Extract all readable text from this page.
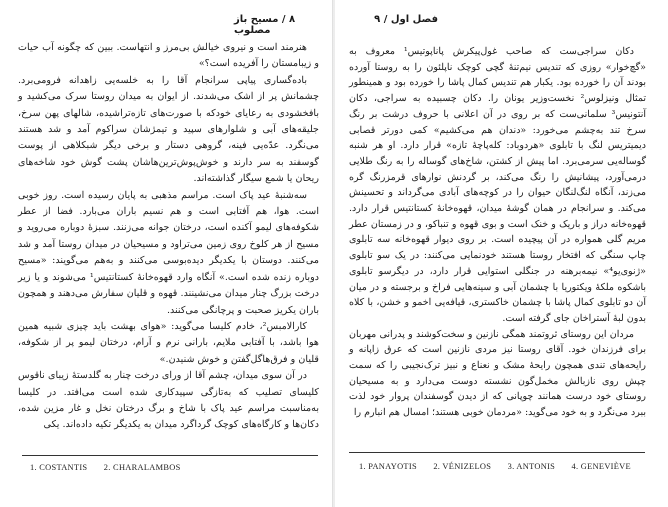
۸ / مسیح باز مصلوب

هنرمند است و نیروی خیالش بی‌مرز و انتهاست. ببین که چگونه آب حیات و زیبا‌مستان را آفریده است؟»

باده‌گساری پیاپی سرانجام آقا را به خلسه‌یی زاهدانه فرومی‌برد. چشمانش پر از اشک می‌شدند. از ایوان به میدان روستا سرک می‌کشید و بافخشودی به رعایای خودکه با صورت‌های تازه‌تراشیده، شالهای پهن سرخ، جلیقه‌های آبی و شلوارهای سپید و تیمژشان سراکوم آمد و شد هستند می‌نگرد. عدّه‌یی فینه، گروهی دستار و برخی دیگر شبکلاهی از پوست گوسفند به سر دارند و خوش‌پوش‌ترین‌هاشان پشت گوش خود شاخه‌های ریحان یا شمع سیگار گذاشته‌اند.

سه‌شنبهٔ عید پاک است. مراسم مذهبی به پایان رسیده است. روز خوبی است. هوا، هم آفتابی است و هم نسیم باران می‌بارد. فضا از عطر شکوفه‌های لیمو آکنده است، درختان جوانه می‌زنند. سبزهٔ دوباره می‌روید و مسیح از هر کلوخ روی زمین می‌تراود و مسیحیان در میدان روستا آمد و شد می‌کنند. دوستان با یکدیگر دیده‌بوسی می‌کنند و به‌هم می‌گویند: «مسیح دوباره زنده شده است.» آنگاه وارد قهوه‌خانهٔ کستانتیس¹ می‌شوند و یا زیر درخت بزرگ چنار میدان می‌نشینند. قهوه و قلیان سفارش می‌دهند و همچون باران یکریز صحبت و پرچانگی می‌کنند.

کارالامبس²، خادم کلیسا می‌گوید: «هوای بهشت باید چیزی شبیه همین هوا باشد، با آفتابی ملایم، بارانی نرم و آرام، درختان لیمو پر از شکوفه، قلیان و فرق‌ها‌گل‌گفتن و خوش شنیدن.»

در آن سوی میدان، چشم آقا از ورای درخت چنار به گلدستهٔ زیبای ناقوس کلیسای تصلیب که به‌تازگی سپیدکاری شده است می‌افتد. در کلیسا به‌مناسبت مراسم عید پاک با شاخ و برگ درختان نخل و غار مزین شده، دکان‌ها و کارگاه‌های کوچک گرداگرد میدان به یکدیگر تکیه داده‌اند. یکی

1. COSTANTIS 2. CHARALAMBOS
فصل اول / ۹

دکان سراجی‌ست که صاحب غول‌پیکرش پاناپوتیس¹ معروف به «گچ‌خوار» روزی که تندیس نیم‌تنهٔ گچی کوچک ناپلئون را به روستا آورده بودند آن را خورده بود. یکبار هم تندیس کمال پاشا را خورده بود و همینطور تمثال ونیزلوس² نخست‌وزیر یونان را. دکان چسبیده به سراجی، دکان آنتونیس³ سلمانی‌ست که بر روی در آن اعلانی با حروف درشت بر رنگ سرخ تند به‌چشم می‌خورد: «دندان هم می‌کشیم» کمی دورتر قصابی دیمیتریس لنگ با تابلوی «هردوباد: کله‌پاچهٔ تازه» قرار دارد. او هر شنبه گوساله‌یی سرمی‌برد. اما پیش از کشتن، شاخ‌های گوساله را به رنگ طلایی درمی‌آورد، پیشانیش را رنگ می‌کند، بر گردنش نوارهای قرمزرنگ گره می‌زند، آنگاه لنگ‌لنگان حیوان را در کوچه‌های آبادی می‌گرداند و تحسینش می‌کند. و سرانجام در همان گوشهٔ میدان، قهوه‌خانهٔ کستانتیس قرار دارد. قهوه‌خانه دراز و باریک و خنک است و بوی قهوه و تنباکو، و در زمستان عطر مریم گلی همواره در آن پیچیده است. بر روی دیوار قهوه‌خانه سه تابلوی چاپ سنگی که افتخار روستا هستند خودنمایی می‌کنند: در یک سو تابلوی «ژنوی‌یو⁴» نیمه‌برهنه در جنگلی استوایی قرار دارد، در دیگرسو تابلوی باشکوه ملکهٔ ویکتوریا با چشمان آبی و سینه‌هایی فراخ و برجسته و در میان آن دو تابلوی کمال پاشا با چشمان خاکستری، قیافه‌یی اخمو و خشن، با کلاه بدون لبهٔ آستراخان جای گرفته است.

مردان این روستای ثروتمند همگی نازنین و سخت‌کوشند و پدرانی مهربان برای فرزندان خود. آقای روستا نیز مردی نازنین است که عرق زاپانه و رایحه‌های تندی همچون رایحهٔ مشک و نعناع و نبیز ترک‌نجیبی را که سمت چپش روی نازبالش مخمل‌گون نشسته دوست می‌دارد و به مسیحیان روستای خود درست همانند چوپانی که از دیدن گوسفندان پروار خود لذت ببرد می‌نگرد و به خود می‌گوید: «مردمان خوبی هستند؛ امسال هم انبارم را

1. PANAYOTIS 2. VÉNIZELOS 3. ANTONIS 4. GENEVIÈVE
